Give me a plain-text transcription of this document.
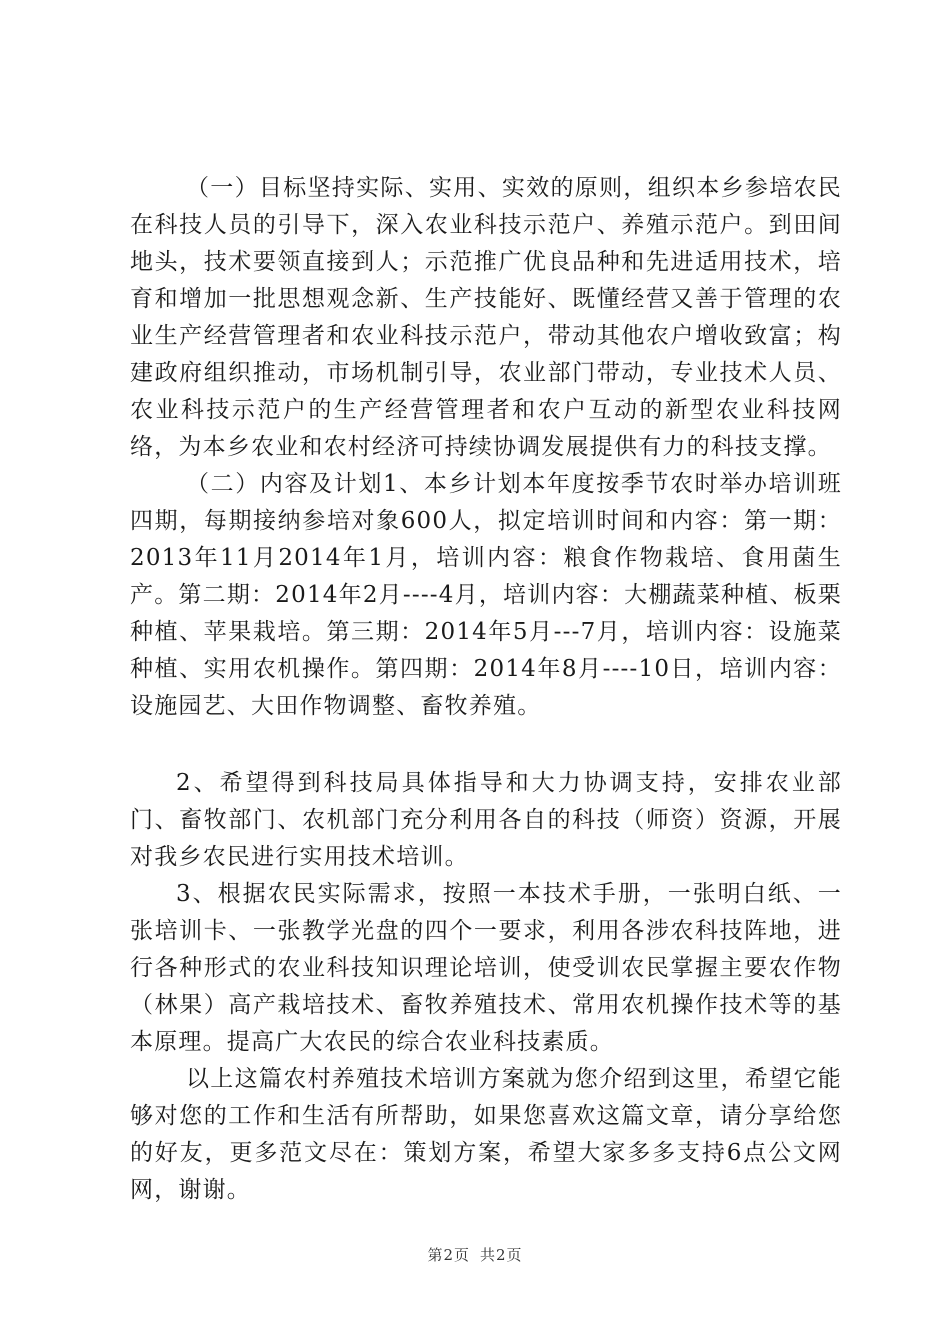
（一）目标坚持实际、实用、实效的原则，组织本乡参培农民在科技人员的引导下，深入农业科技示范户、养殖示范户。到田间地头，技术要领直接到人；示范推广优良品种和先进适用技术，培育和增加一批思想观念新、生产技能好、既懂经营又善于管理的农业生产经营管理者和农业科技示范户，带动其他农户增收致富；构建政府组织推动，市场机制引导，农业部门带动，专业技术人员、农业科技示范户的生产经营管理者和农户互动的新型农业科技网络，为本乡农业和农村经济可持续协调发展提供有力的科技支撑。

（二）内容及计划1、本乡计划本年度按季节农时举办培训班四期，每期接纳参培对象600人，拟定培训时间和内容：第一期：2013年11月2014年1月，培训内容：粮食作物栽培、食用菌生产。第二期：2014年2月----4月，培训内容：大棚蔬菜种植、板栗种植、苹果栽培。第三期：2014年5月---7月，培训内容：设施菜种植、实用农机操作。第四期：2014年8月----10日，培训内容：设施园艺、大田作物调整、畜牧养殖。

2、希望得到科技局具体指导和大力协调支持，安排农业部门、畜牧部门、农机部门充分利用各自的科技（师资）资源，开展对我乡农民进行实用技术培训。

3、根据农民实际需求，按照一本技术手册，一张明白纸、一张培训卡、一张教学光盘的四个一要求，利用各涉农科技阵地，进行各种形式的农业科技知识理论培训，使受训农民掌握主要农作物（林果）高产栽培技术、畜牧养殖技术、常用农机操作技术等的基本原理。提高广大农民的综合农业科技素质。

以上这篇农村养殖技术培训方案就为您介绍到这里，希望它能够对您的工作和生活有所帮助，如果您喜欢这篇文章，请分享给您的好友，更多范文尽在：策划方案，希望大家多多支持6点公文网网，谢谢。

第2页 共2页
